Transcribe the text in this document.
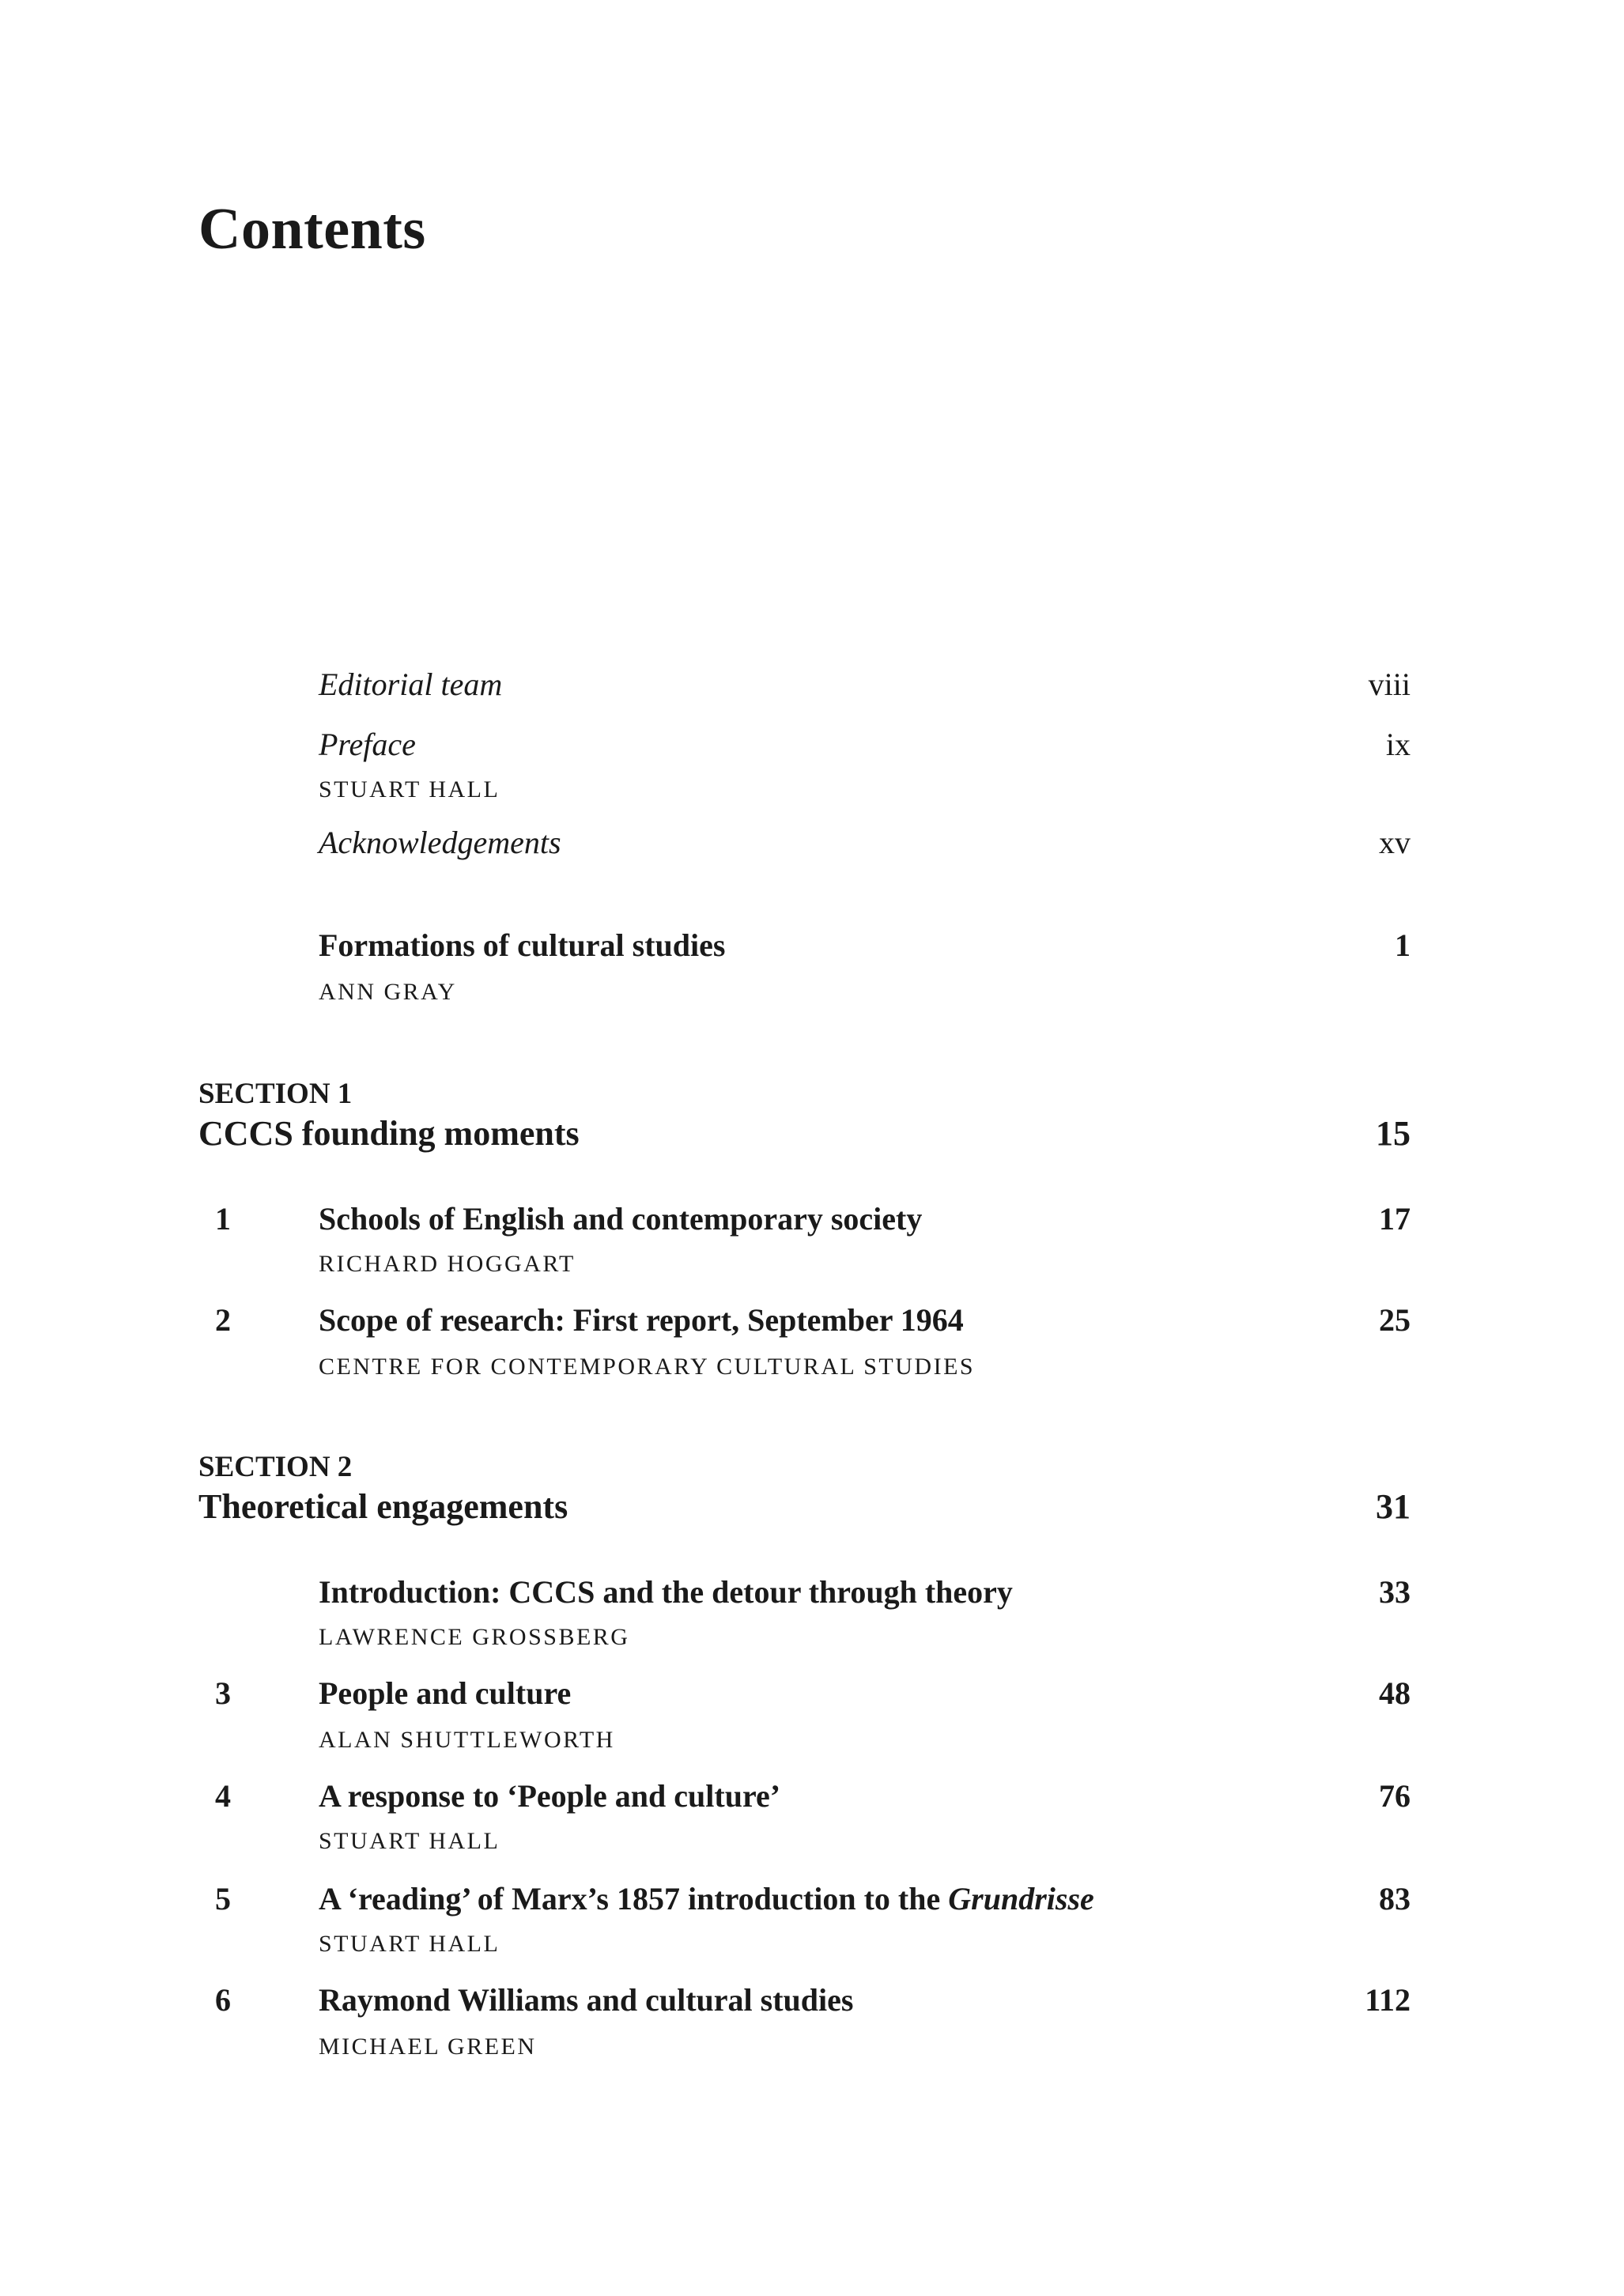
Contents
Editorial team	viii
Preface	ix
STUART HALL
Acknowledgements	xv
Formations of cultural studies	1
ANN GRAY
SECTION 1
CCCS founding moments	15
1	Schools of English and contemporary society	17
RICHARD HOGGART
2	Scope of research: First report, September 1964	25
CENTRE FOR CONTEMPORARY CULTURAL STUDIES
SECTION 2
Theoretical engagements	31
Introduction: CCCS and the detour through theory	33
LAWRENCE GROSSBERG
3	People and culture	48
ALAN SHUTTLEWORTH
4	A response to ‘People and culture’	76
STUART HALL
5	A ‘reading’ of Marx’s 1857 introduction to the Grundrisse	83
STUART HALL
6	Raymond Williams and cultural studies	112
MICHAEL GREEN
